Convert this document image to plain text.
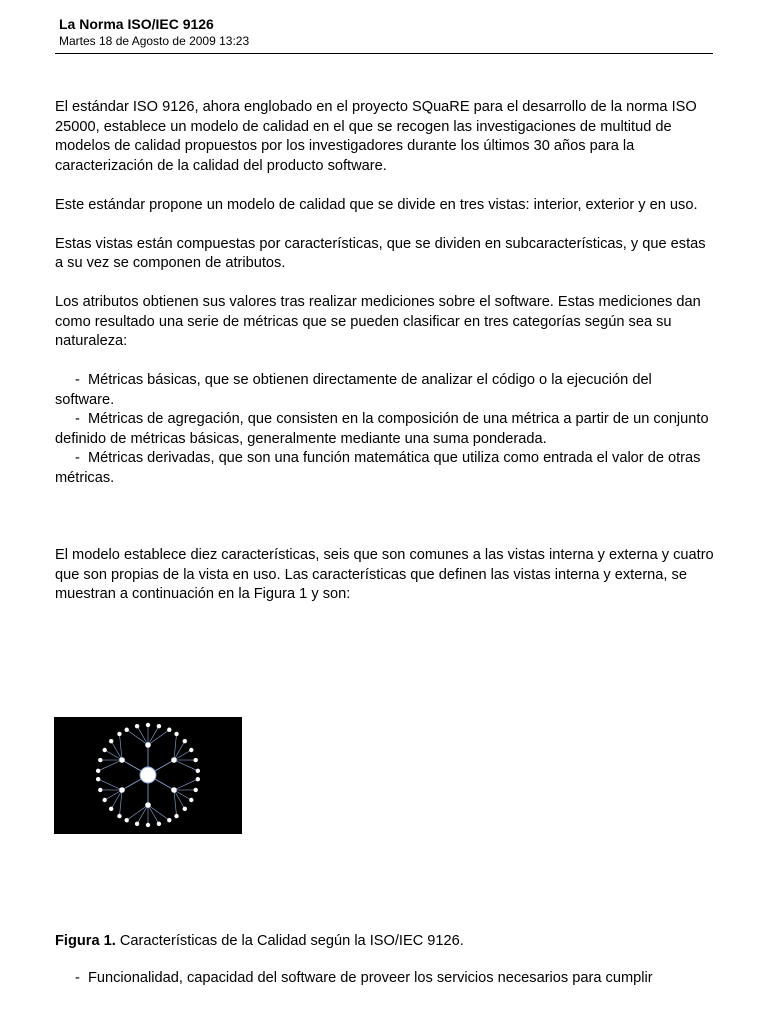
La Norma ISO/IEC 9126
Martes 18 de Agosto de 2009 13:23

El estándar ISO 9126, ahora englobado en el proyecto SQuaRE para el desarrollo de la norma ISO 25000, establece un modelo de calidad en el que se recogen las investigaciones de multitud de modelos de calidad propuestos por los investigadores durante los últimos 30 años para la caracterización de la calidad del producto software.

Este estándar propone un modelo de calidad que se divide en tres vistas: interior, exterior y en uso.

Estas vistas están compuestas por características, que se dividen en subcaracterísticas, y que estas a su vez se componen de atributos.

Los atributos obtienen sus valores tras realizar mediciones sobre el software. Estas mediciones dan como resultado una serie de métricas que se pueden clasificar en tres categorías según sea su naturaleza:

- Métricas básicas, que se obtienen directamente de analizar el código o la ejecución del software.
- Métricas de agregación, que consisten en la composición de una métrica a partir de un conjunto definido de métricas básicas, generalmente mediante una suma ponderada.
- Métricas derivadas, que son una función matemática que utiliza como entrada el valor de otras métricas.

El modelo establece diez características, seis que son comunes a las vistas interna y externa y cuatro que son propias de la vista en uso. Las características que definen las vistas interna y externa, se muestran a continuación en la Figura 1 y son:

Figura 1. Características de la Calidad según la ISO/IEC 9126.
- Funcionalidad, capacidad del software de proveer los servicios necesarios para cumplir
